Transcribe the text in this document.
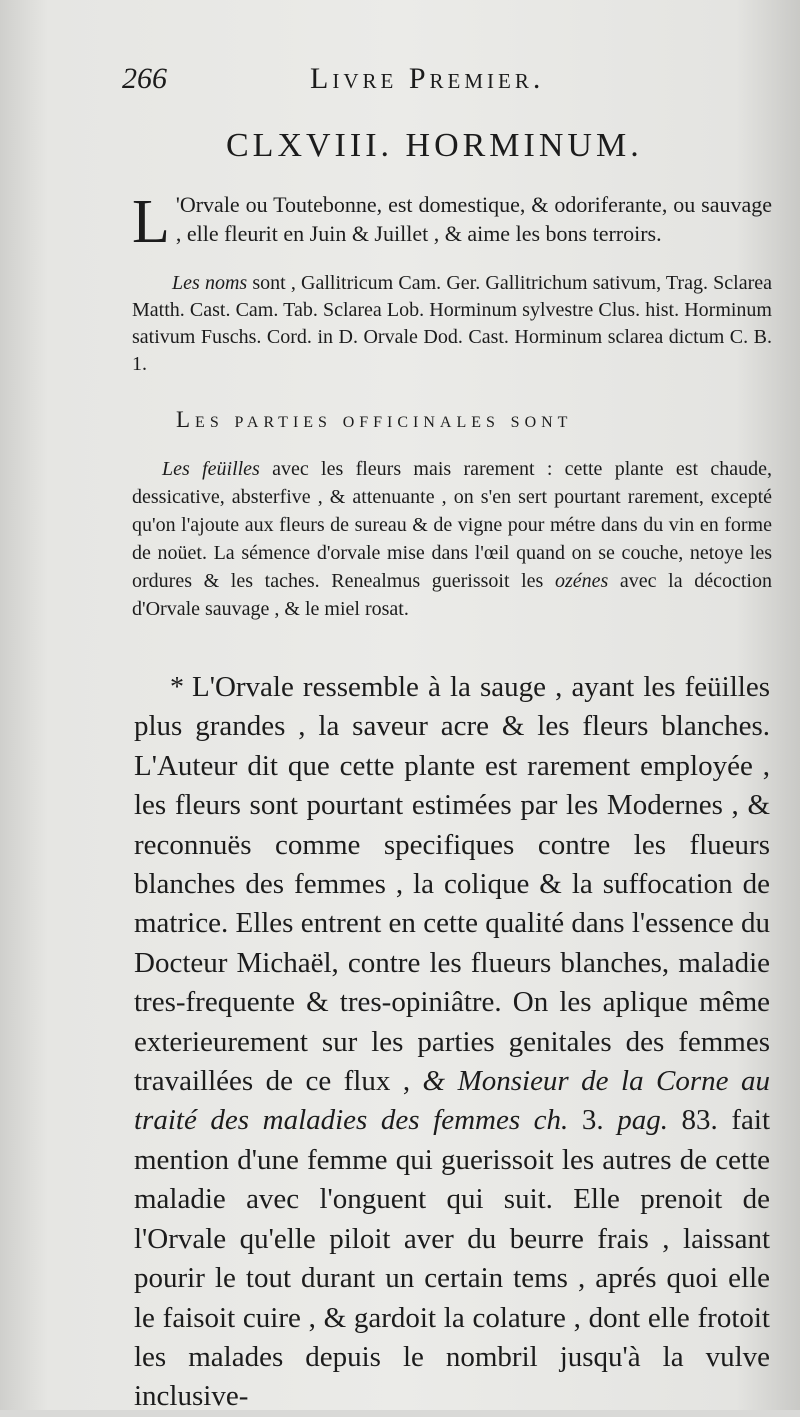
266	Livre Premier.
CLXVIII. HORMINUM.
L 'Orvale ou Toutebonne, est domestique, & odoriferante, ou sauvage , elle fleurit en Juin & Juillet , & aime les bons terroirs.
Les noms sont , Gallitricum Cam. Ger. Gallitrichum sativum, Trag. Sclarea Matth. Cast. Cam. Tab. Sclarea Lob. Horminum sylvestre Clus. hist. Horminum sativum Fuschs. Cord. in D. Orvale Dod. Cast. Horminum sclarea dictum C. B. 1.
Les parties officinales sont
Les feüilles avec les fleurs mais rarement : cette plante est chaude, dessicative, absterfive , & attenuante , on s'en sert pourtant rarement, excepté qu'on l'ajoute aux fleurs de sureau & de vigne pour métre dans du vin en forme de noüet. La sémence d'orvale mise dans l'œil quand on se couche, netoye les ordures & les taches. Renealmus guerissoit les ozénes avec la décoction d'Orvale sauvage , & le miel rosat.
* L'Orvale ressemble à la sauge , ayant les feüilles plus grandes , la saveur acre & les fleurs blanches. L'Auteur dit que cette plante est rarement employée , les fleurs sont pourtant estimées par les Modernes , & reconnuës comme specifiques contre les flueurs blanches des femmes , la colique & la suffocation de matrice. Elles entrent en cette qualité dans l'essence du Docteur Michaël, contre les flueurs blanches, maladie tres-frequente & tres-opiniâtre. On les aplique même exterieurement sur les parties genitales des femmes travaillées de ce flux , & Monsieur de la Corne au traité des maladies des femmes ch. 3. pag. 83. fait mention d'une femme qui guerissoit les autres de cette maladie avec l'onguent qui suit. Elle prenoit de l'Orvale qu'elle piloit aver du beurre frais , laissant pourir le tout durant un certain tems , aprés quoi elle le faisoit cuire , & gardoit la colature , dont elle frotoit les malades depuis le nombril jusqu'à la vulve inclusive-
